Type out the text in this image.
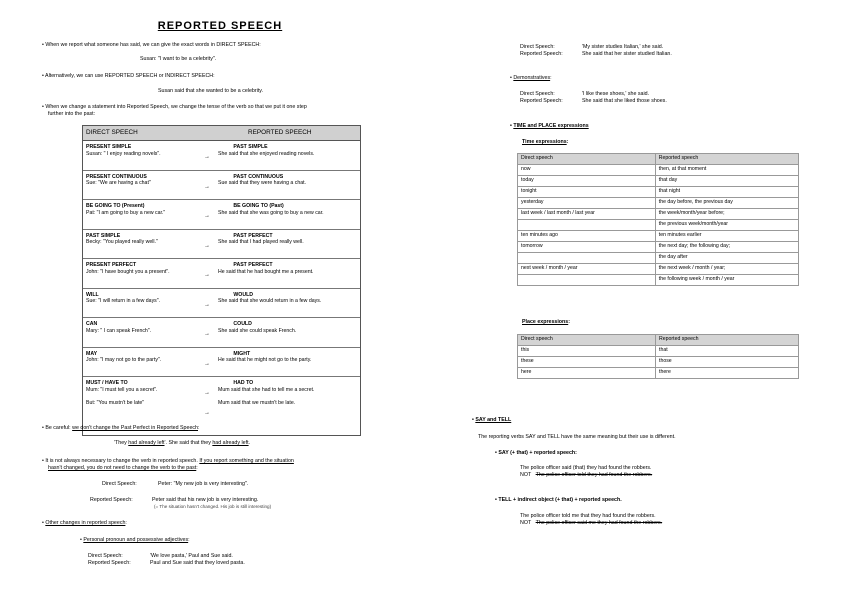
REPORTED SPEECH
• When we report what someone has said, we can give the exact words in DIRECT SPEECH:
Susan: "I want to be a celebrity".
• Alternatively, we can use REPORTED SPEECH or INDIRECT SPEECH:
Susan said that she wanted to be a celebrity.
• When we change a statement into Reported Speech, we change the tense of the verb so that we put it one step
further into the past:
DIRECT SPEECH	REPORTED SPEECH
PRESENT SIMPLE	PAST SIMPLE
Susan: " I enjoy reading novels".	She said that she enjoyed reading novels.
→
PRESENT CONTINUOUS	PAST CONTINUOUS
Sue: "We are having a chat"	Sue said that they were having a chat.
→
BE GOING TO (Present)	BE GOING TO (Past)
Pat: "I am going to buy a new car."	She said that she was going to buy a new car.
→
PAST SIMPLE	PAST PERFECT
Becky: "You played really well."	She said that I had played really well.
→
PRESENT PERFECT	PAST PERFECT
John: "I have bought you a present".	He said that he had bought me a present.
→
WILL	WOULD
Sue: "I will return in a few days".	She said that she would return in a few days.
→
CAN	COULD
Mary: " I can speak French".	She said she could speak French.
→
MAY	MIGHT
John: "I may not go to the party".	He said that he might not go to the party.
→
MUST / HAVE TO	HAD TO
Mum: "I must tell you a secret".	Mum said that she had to tell me a secret.
But: "You mustn't be late"	Mum said that we mustn't be late.
→
→
• Be careful: we don't change the Past Perfect in Reported Speech:
'They had already left'. She said that they had already left.
• It is not always necessary to change the verb in reported speech. If you report something and the situation
hasn't changed, you do not need to change the verb to the past:
Direct Speech:	Peter: "My new job is very interesting".
Reported Speech:	Peter said that his new job is very interesting.
(= The situation hasn't changed. His job is still interesting)
• Other changes in reported speech:
• Personal pronoun and possessive adjectives:
Direct Speech:	'We love pasta,' Paul and Sue said.
Reported Speech:	Paul and Sue said that they loved pasta.
Direct Speech:	'My sister studies Italian,' she said.
Reported Speech:	She said that her sister studied Italian.
• Demonstratives:
Direct Speech:	'I like these shoes,' she said.
Reported Speech:	She said that she liked those shoes.
• TIME and PLACE expressions
Time expressions:
Direct speech	Reported speech
now	then, at that moment
today	that day
tonight	that night
yesterday	the day before, the previous day
last week / last month / last year	the week/month/year before;
	the previous week/month/year
ten minutes ago	ten minutes earlier
tomorrow	the next day; the following day;
	the day after
next week / month / year	the next week / month / year;
	the following week / month / year
Place expressions:
Direct speech	Reported speech
this	that
these	those
here	there
• SAY and TELL
The reporting verbs SAY and TELL have the same meaning but their use is different.
• SAY (+ that) + reported speech:
The police officer said (that) they had found the robbers.
NOT The police officer told they had found the robbers.
• TELL + indirect object (+ that) + reported speech.
The police officer told me that they had found the robbers.
NOT The police officer said me they had found the robbers.
